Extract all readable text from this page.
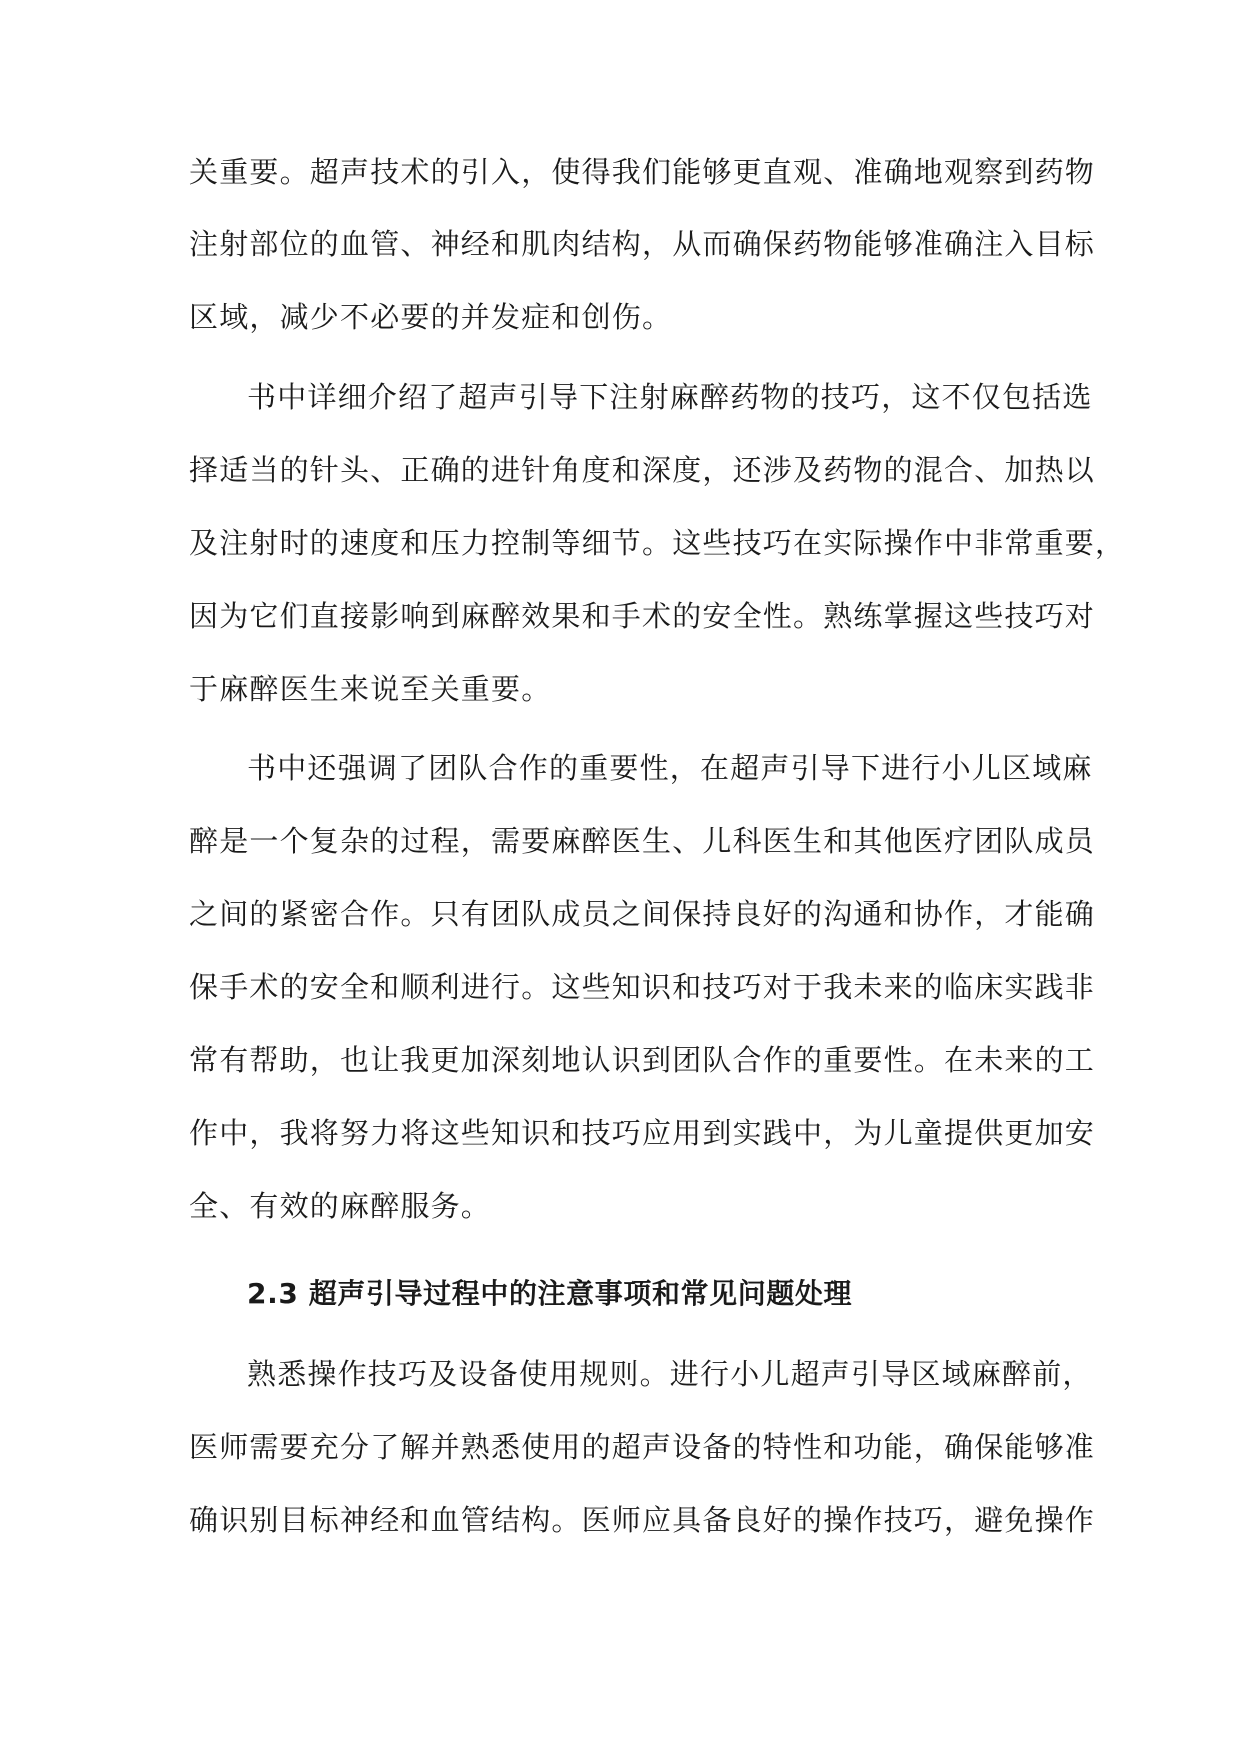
关重要。超声技术的引入，使得我们能够更直观、准确地观察到药物
注射部位的血管、神经和肌肉结构，从而确保药物能够准确注入目标
区域，减少不必要的并发症和创伤。
书中详细介绍了超声引导下注射麻醉药物的技巧，这不仅包括选
择适当的针头、正确的进针角度和深度，还涉及药物的混合、加热以
及注射时的速度和压力控制等细节。这些技巧在实际操作中非常重要，
因为它们直接影响到麻醉效果和手术的安全性。熟练掌握这些技巧对
于麻醉医生来说至关重要。
书中还强调了团队合作的重要性，在超声引导下进行小儿区域麻
醉是一个复杂的过程，需要麻醉医生、儿科医生和其他医疗团队成员
之间的紧密合作。只有团队成员之间保持良好的沟通和协作，才能确
保手术的安全和顺利进行。这些知识和技巧对于我未来的临床实践非
常有帮助，也让我更加深刻地认识到团队合作的重要性。在未来的工
作中，我将努力将这些知识和技巧应用到实践中，为儿童提供更加安
全、有效的麻醉服务。
2.3 超声引导过程中的注意事项和常见问题处理
熟悉操作技巧及设备使用规则。进行小儿超声引导区域麻醉前，
医师需要充分了解并熟悉使用的超声设备的特性和功能，确保能够准
确识别目标神经和血管结构。医师应具备良好的操作技巧，避免操作
